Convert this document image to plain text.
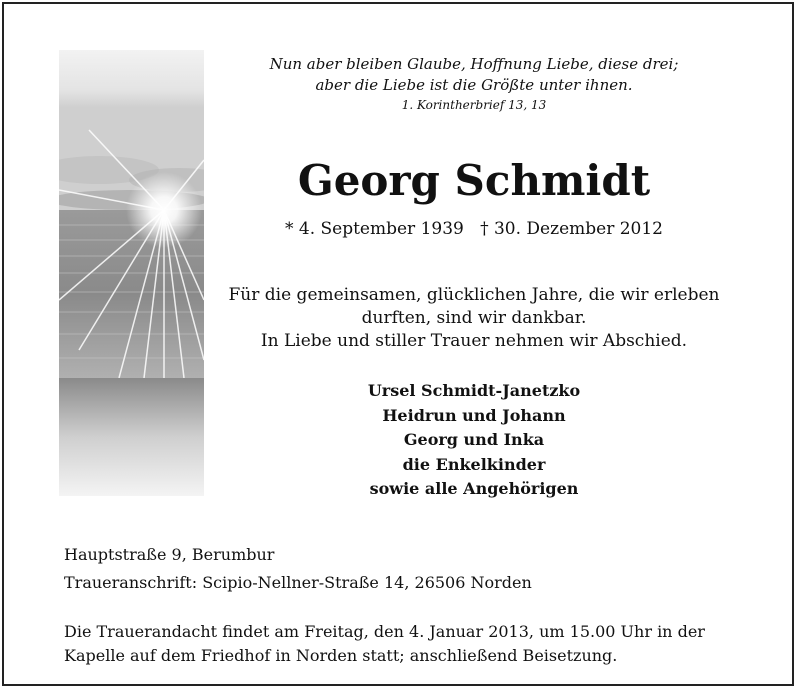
Nun aber bleiben Glaube, Hoffnung Liebe, diese drei;
aber die Liebe ist die Größte unter ihnen.
1. Korintherbrief 13, 13
Georg Schmidt
* 4. September 1939 † 30. Dezember 2012
Für die gemeinsamen, glücklichen Jahre, die wir erleben
durften, sind wir dankbar.
In Liebe und stiller Trauer nehmen wir Abschied.
Ursel Schmidt-Janetzko
Heidrun und Johann
Georg und Inka
die Enkelkinder
sowie alle Angehörigen
Hauptstraße 9, Berumbur
Traueranschrift: Scipio-Nellner-Straße 14, 26506 Norden
Die Trauerandacht findet am Freitag, den 4. Januar 2013, um 15.00 Uhr in der
Kapelle auf dem Friedhof in Norden statt; anschließend Beisetzung.
